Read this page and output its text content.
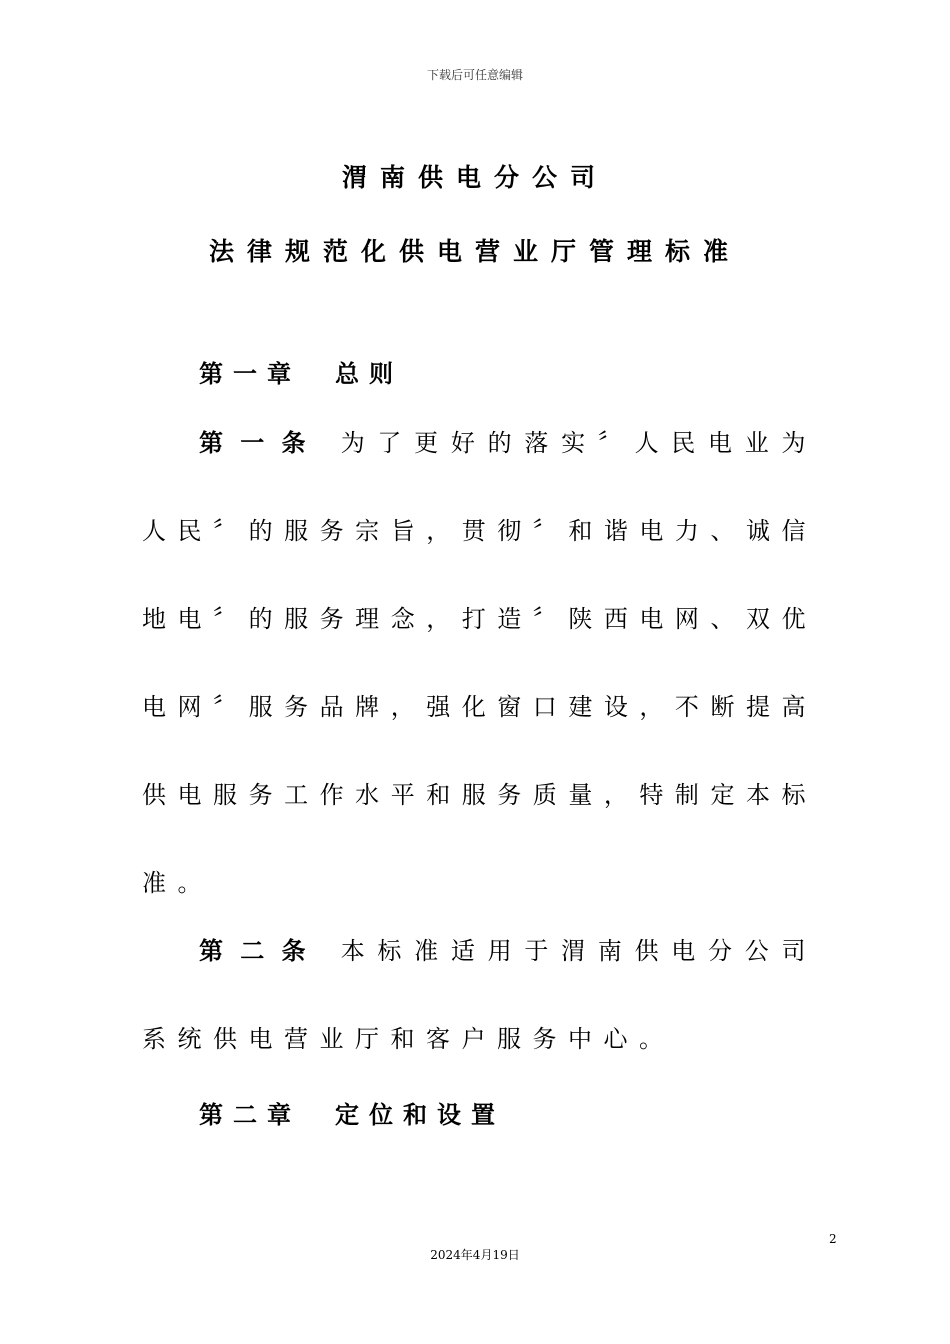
下载后可任意编辑
渭南供电分公司
法律规范化供电营业厅管理标准
第一章 总则
第一条 为了更好的落实〞人民电业为人民〞的服务宗旨，贯彻〞和谐电力、诚信地电〞的服务理念，打造〞陕西电网、双优电网〞服务品牌，强化窗口建设，不断提高供电服务工作水平和服务质量，特制定本标准。
第二条 本标准适用于渭南供电分公司系统供电营业厅和客户服务中心。
第二章 定位和设置
2
2024年4月19日
